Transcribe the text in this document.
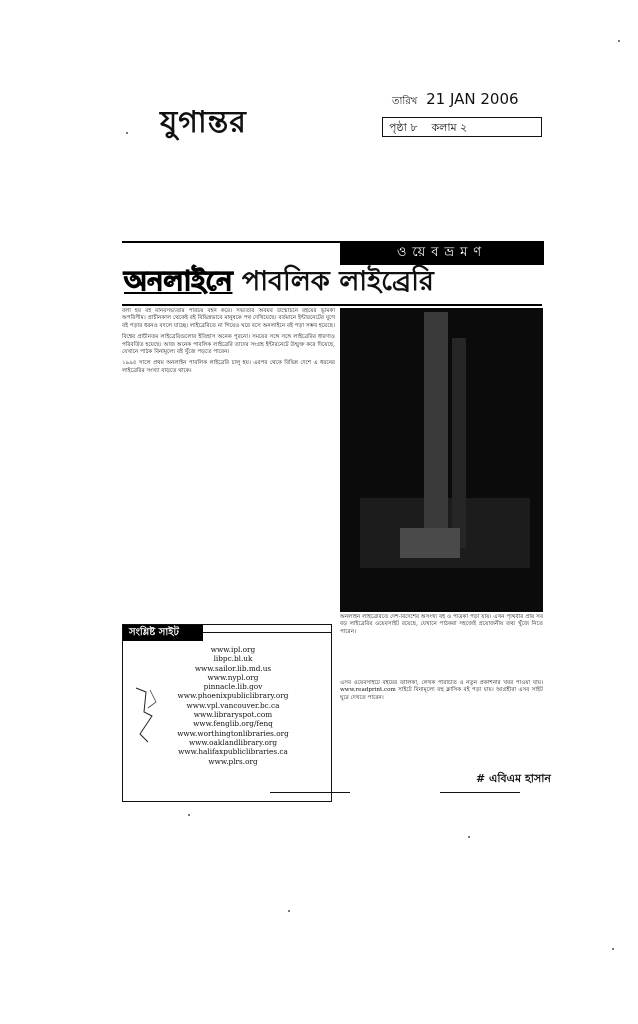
যুগান্তর
তারিখ 21 JAN 2006
পৃষ্ঠা ৮ কলাম ২
ওয়েবভ্রমণ
অনলাইনে পাবলিক লাইব্রেরি

বলা হয় বই মানবসভ্যতার পরিচয় বহন করে। সভ্যতার অবয়ব উন্মোচনে বইয়ের ভূমিকা অপরিসীম। প্রাচীনকাল থেকেই বই বিভিন্নভাবে মানুষকে পথ দেখিয়েছে। বর্তমানে ইন্টারনেটের যুগে বই পড়ার ধরনও বদলে যাচ্ছে। লাইব্রেরিতে না গিয়েও ঘরে বসে অনলাইনে বই পড়া সম্ভব হয়েছে।

বিশ্বের প্রাচীনতম লাইব্রেরিগুলোর ইতিহাস অনেক পুরনো। সময়ের সঙ্গে সঙ্গে লাইব্রেরির ধারণাও পরিবর্তিত হয়েছে। আজ অনেক পাবলিক লাইব্রেরি তাদের সংগ্রহ ইন্টারনেটে উন্মুক্ত করে দিয়েছে, যেখানে পাঠক বিনামূল্যে বই খুঁজে পড়তে পারেন।

১৯৯৫ সালে প্রথম অনলাইন পাবলিক লাইব্রেরি চালু হয়। এরপর থেকে বিভিন্ন দেশে এ ধরনের লাইব্রেরির সংখ্যা বাড়তে থাকে।

অনলাইন লাইব্রেরিতে দেশ-বিদেশের অসংখ্য বই ও পত্রিকা পড়া যায়। এখন পৃথিবীর প্রায় সব বড় লাইব্রেরির ওয়েবসাইট রয়েছে, যেখানে পাঠকরা সহজেই প্রয়োজনীয় তথ্য খুঁজে নিতে পারেন।
এসব ওয়েবসাইটে বইয়ের তালিকা, লেখক পরিচিতি ও নতুন প্রকাশনার খবর পাওয়া যায়। www.readprint.com সাইটে বিনামূল্যে বহু ক্লাসিক বই পড়া যায়। আগ্রহীরা এসব সাইট ঘুরে দেখতে পারেন।
# এবিএম হাসান
সংশ্লিষ্ট সাইট
www.ipl.org
libpc.bl.uk
www.sailor.lib.md.us
www.nypl.org
pinnacle.lib.gov
www.phoenixpubliclibrary.org
www.vpl.vancouver.bc.ca
www.libraryspot.com
www.fenglib.org/fenq
www.worthingtonlibraries.org
www.oaklandlibrary.org
www.halifaxpubliclibraries.ca
www.plrs.org
